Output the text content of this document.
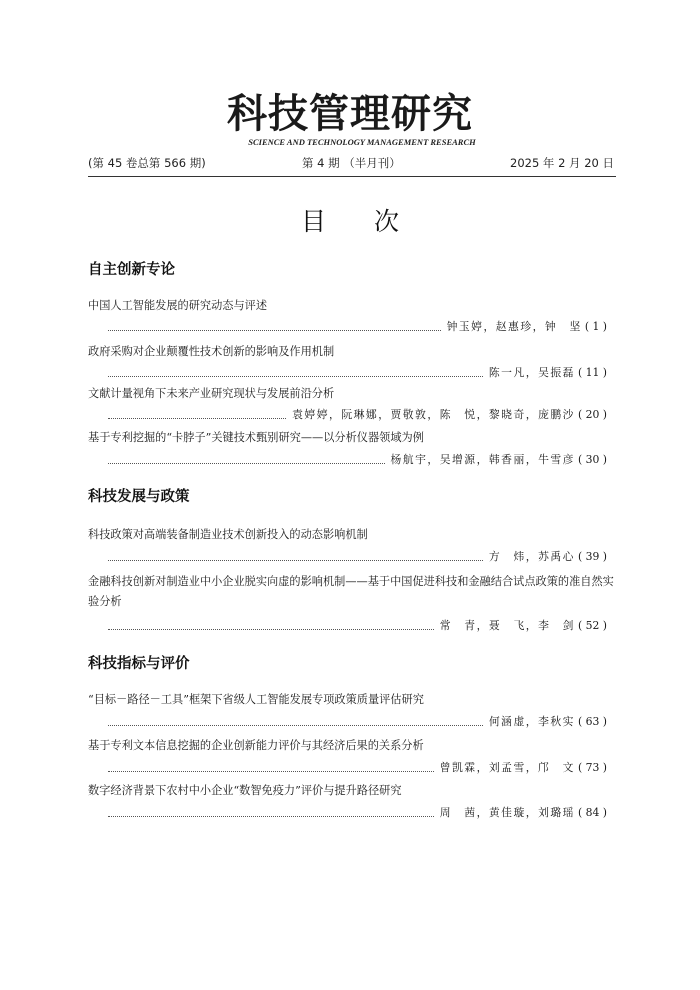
科技管理研究
SCIENCE AND TECHNOLOGY MANAGEMENT RESEARCH
(第 45 卷总第 566 期)	第 4 期 （半月刊）	2025 年 2 月 20 日
目 次
自主创新专论
中国人工智能发展的研究动态与评述
钟玉婷，赵惠珍，钟　坚 ( 1 )
政府采购对企业颠覆性技术创新的影响及作用机制
陈一凡，吴振磊 ( 11 )
文献计量视角下未来产业研究现状与发展前沿分析
袁婷婷，阮琳娜，贾敬敦，陈　悦，黎晓奇，庞鹏沙 ( 20 )
基于专利挖掘的“卡脖子”关键技术甄别研究——以分析仪器领域为例
杨航宇，吴增源，韩香丽，牛雪彦 ( 30 )
科技发展与政策
科技政策对高端装备制造业技术创新投入的动态影响机制
方　炜，苏禹心 ( 39 )
金融科技创新对制造业中小企业脱实向虚的影响机制——基于中国促进科技和金融结合试点政策的准自然实验分析
常　青，聂　飞，李　剑 ( 52 )
科技指标与评价
“目标－路径－工具”框架下省级人工智能发展专项政策质量评估研究
何涵虚，李秋实 ( 63 )
基于专利文本信息挖掘的企业创新能力评价与其经济后果的关系分析
曾凯霖，刘孟雪，邝　文 ( 73 )
数字经济背景下农村中小企业“数智免疫力”评价与提升路径研究
周　茜，黄佳璇，刘璐瑶 ( 84 )
